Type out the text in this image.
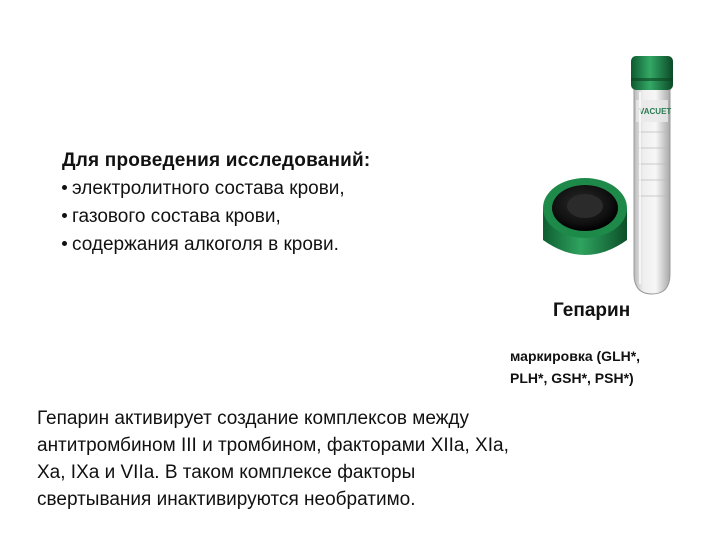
Для проведения исследований:
электролитного состава крови,
газового состава крови,
содержания алкоголя в крови.
VACUET
Гепарин
маркировка (GLH*,
PLH*, GSH*, PSH*)
Гепарин активирует создание комплексов между
антитромбином III и тромбином, факторами XIIa, XIa,
Xa, IXa и VIIa. В таком комплексе факторы
свертывания инактивируются необратимо.
